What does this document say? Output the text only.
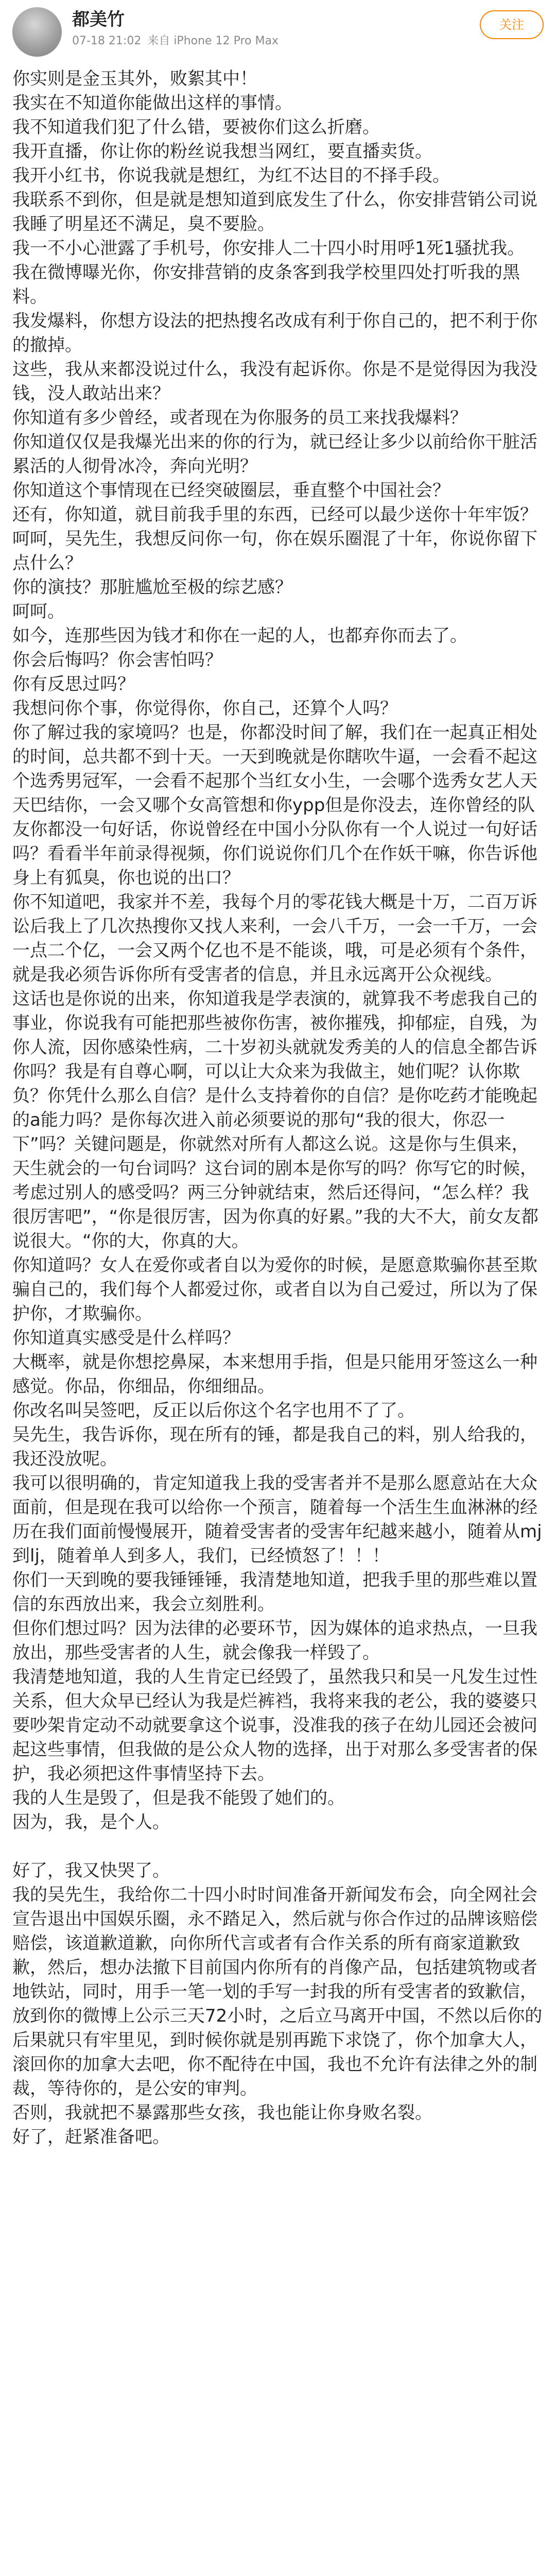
都美竹
07-18 21:02 来自 iPhone 12 Pro Max
关注

你实则是金玉其外，败絮其中！

我实在不知道你能做出这样的事情。

我不知道我们犯了什么错，要被你们这么折磨。

我开直播，你让你的粉丝说我想当网红，要直播卖货。

我开小红书，你说我就是想红，为红不达目的不择手段。

我联系不到你，但是就是想知道到底发生了什么，你安排营销公司说我睡了明星还不满足，臭不要脸。

我一不小心泄露了手机号，你安排人二十四小时用呼1死1骚扰我。

我在微博曝光你，你安排营销的皮条客到我学校里四处打听我的黑料。

我发爆料，你想方设法的把热搜名改成有利于你自己的，把不利于你的撤掉。

这些，我从来都没说过什么，我没有起诉你。你是不是觉得因为我没钱，没人敢站出来？

你知道有多少曾经，或者现在为你服务的员工来找我爆料？

你知道仅仅是我爆光出来的你的行为，就已经让多少以前给你干脏活累活的人彻骨冰冷，奔向光明？

你知道这个事情现在已经突破圈层，垂直整个中国社会？

还有，你知道，就目前我手里的东西，已经可以最少送你十年牢饭？

呵呵，吴先生，我想反问你一句，你在娱乐圈混了十年，你说你留下点什么？

你的演技？那脏尴尬至极的综艺感？

呵呵。

如今，连那些因为钱才和你在一起的人，也都弃你而去了。

你会后悔吗？你会害怕吗？

你有反思过吗？

我想问你个事，你觉得你，你自己，还算个人吗？

你了解过我的家境吗？也是，你都没时间了解，我们在一起真正相处的时间，总共都不到十天。一天到晚就是你瞎吹牛逼，一会看不起这个选秀男冠军，一会看不起那个当红女小生，一会哪个选秀女艺人天天巴结你，一会又哪个女高管想和你ypp但是你没去，连你曾经的队友你都没一句好话，你说曾经在中国小分队你有一个人说过一句好话吗？看看半年前录得视频，你们说说你们几个在作妖干嘛，你告诉他身上有狐臭，你也说的出口？

你不知道吧，我家并不差，我每个月的零花钱大概是十万，二百万诉讼后我上了几次热搜你又找人来利，一会八千万，一会一千万，一会一点二个亿，一会又两个亿也不是不能谈，哦，可是必须有个条件，就是我必须告诉你所有受害者的信息，并且永远离开公众视线。

这话也是你说的出来，你知道我是学表演的，就算我不考虑我自己的事业，你说我有可能把那些被你伤害，被你摧残，抑郁症，自残，为你人流，因你感染性病，二十岁初头就就发秀美的人的信息全都告诉你吗？我是有自尊心啊，可以让大众来为我做主，她们呢？认你欺负？你凭什么那么自信？是什么支持着你的自信？是你吃药才能晚起的a能力吗？是你每次进入前必须要说的那句“我的很大，你忍一下”吗？关键问题是，你就然对所有人都这么说。这是你与生俱来，天生就会的一句台词吗？这台词的剧本是你写的吗？你写它的时候，考虑过别人的感受吗？两三分钟就结束，然后还得问，“怎么样？我很厉害吧”，“你是很厉害，因为你真的好累。”我的大不大，前女友都说很大。“你的大，你真的大。

你知道吗？女人在爱你或者自以为爱你的时候，是愿意欺骗你甚至欺骗自己的，我们每个人都爱过你，或者自以为自己爱过，所以为了保护你，才欺骗你。

你知道真实感受是什么样吗？

大概率，就是你想挖鼻屎，本来想用手指，但是只能用牙签这么一种感觉。你品，你细品，你细细品。

你改名叫吴签吧，反正以后你这个名字也用不了了。

吴先生，我告诉你，现在所有的锤，都是我自己的料，别人给我的，我还没放呢。

我可以很明确的，肯定知道我上我的受害者并不是那么愿意站在大众面前，但是现在我可以给你一个预言，随着每一个活生生血淋淋的经历在我们面前慢慢展开，随着受害者的受害年纪越来越小，随着从mj到lj，随着单人到多人，我们，已经愤怒了！！！

你们一天到晚的要我锤锤锤，我清楚地知道，把我手里的那些难以置信的东西放出来，我会立刻胜利。

但你们想过吗？因为法律的必要环节，因为媒体的追求热点，一旦我放出，那些受害者的人生，就会像我一样毁了。

我清楚地知道，我的人生肯定已经毁了，虽然我只和吴一凡发生过性关系，但大众早已经认为我是烂裤裆，我将来我的老公，我的婆婆只要吵架肯定动不动就要拿这个说事，没准我的孩子在幼儿园还会被问起这些事情，但我做的是公众人物的选择，出于对那么多受害者的保护，我必须把这件事情坚持下去。

我的人生是毁了，但是我不能毁了她们的。

因为，我，是个人。

好了，我又快哭了。

我的吴先生，我给你二十四小时时间准备开新闻发布会，向全网社会宣告退出中国娱乐圈，永不踏足入，然后就与你合作过的品牌该赔偿赔偿，该道歉道歉，向你所代言或者有合作关系的所有商家道歉致歉，然后，想办法撤下目前国内你所有的肖像产品，包括建筑物或者地铁站，同时，用手一笔一划的手写一封我的所有受害者的致歉信，放到你的微博上公示三天72小时，之后立马离开中国，不然以后你的后果就只有牢里见，到时候你就是别再跪下求饶了，你个加拿大人，滚回你的加拿大去吧，你不配待在中国，我也不允许有法律之外的制裁，等待你的，是公安的审判。

否则，我就把不暴露那些女孩，我也能让你身败名裂。

好了，赶紧准备吧。
